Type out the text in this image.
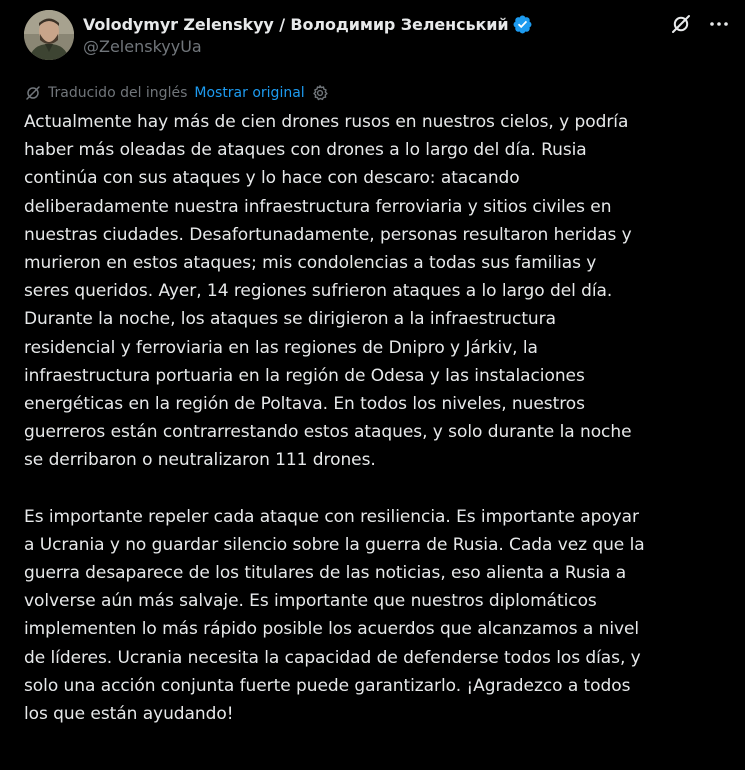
Volodymyr Zelenskyy / Володимир Зеленський
@ZelenskyyUa
Traducido del inglés Mostrar original
Actualmente hay más de cien drones rusos en nuestros cielos, y podría
haber más oleadas de ataques con drones a lo largo del día. Rusia
continúa con sus ataques y lo hace con descaro: atacando
deliberadamente nuestra infraestructura ferroviaria y sitios civiles en
nuestras ciudades. Desafortunadamente, personas resultaron heridas y
murieron en estos ataques; mis condolencias a todas sus familias y
seres queridos. Ayer, 14 regiones sufrieron ataques a lo largo del día.
Durante la noche, los ataques se dirigieron a la infraestructura
residencial y ferroviaria en las regiones de Dnipro y Járkiv, la
infraestructura portuaria en la región de Odesa y las instalaciones
energéticas en la región de Poltava. En todos los niveles, nuestros
guerreros están contrarrestando estos ataques, y solo durante la noche
se derribaron o neutralizaron 111 drones.
Es importante repeler cada ataque con resiliencia. Es importante apoyar
a Ucrania y no guardar silencio sobre la guerra de Rusia. Cada vez que la
guerra desaparece de los titulares de las noticias, eso alienta a Rusia a
volverse aún más salvaje. Es importante que nuestros diplomáticos
implementen lo más rápido posible los acuerdos que alcanzamos a nivel
de líderes. Ucrania necesita la capacidad de defenderse todos los días, y
solo una acción conjunta fuerte puede garantizarlo. ¡Agradezco a todos
los que están ayudando!
